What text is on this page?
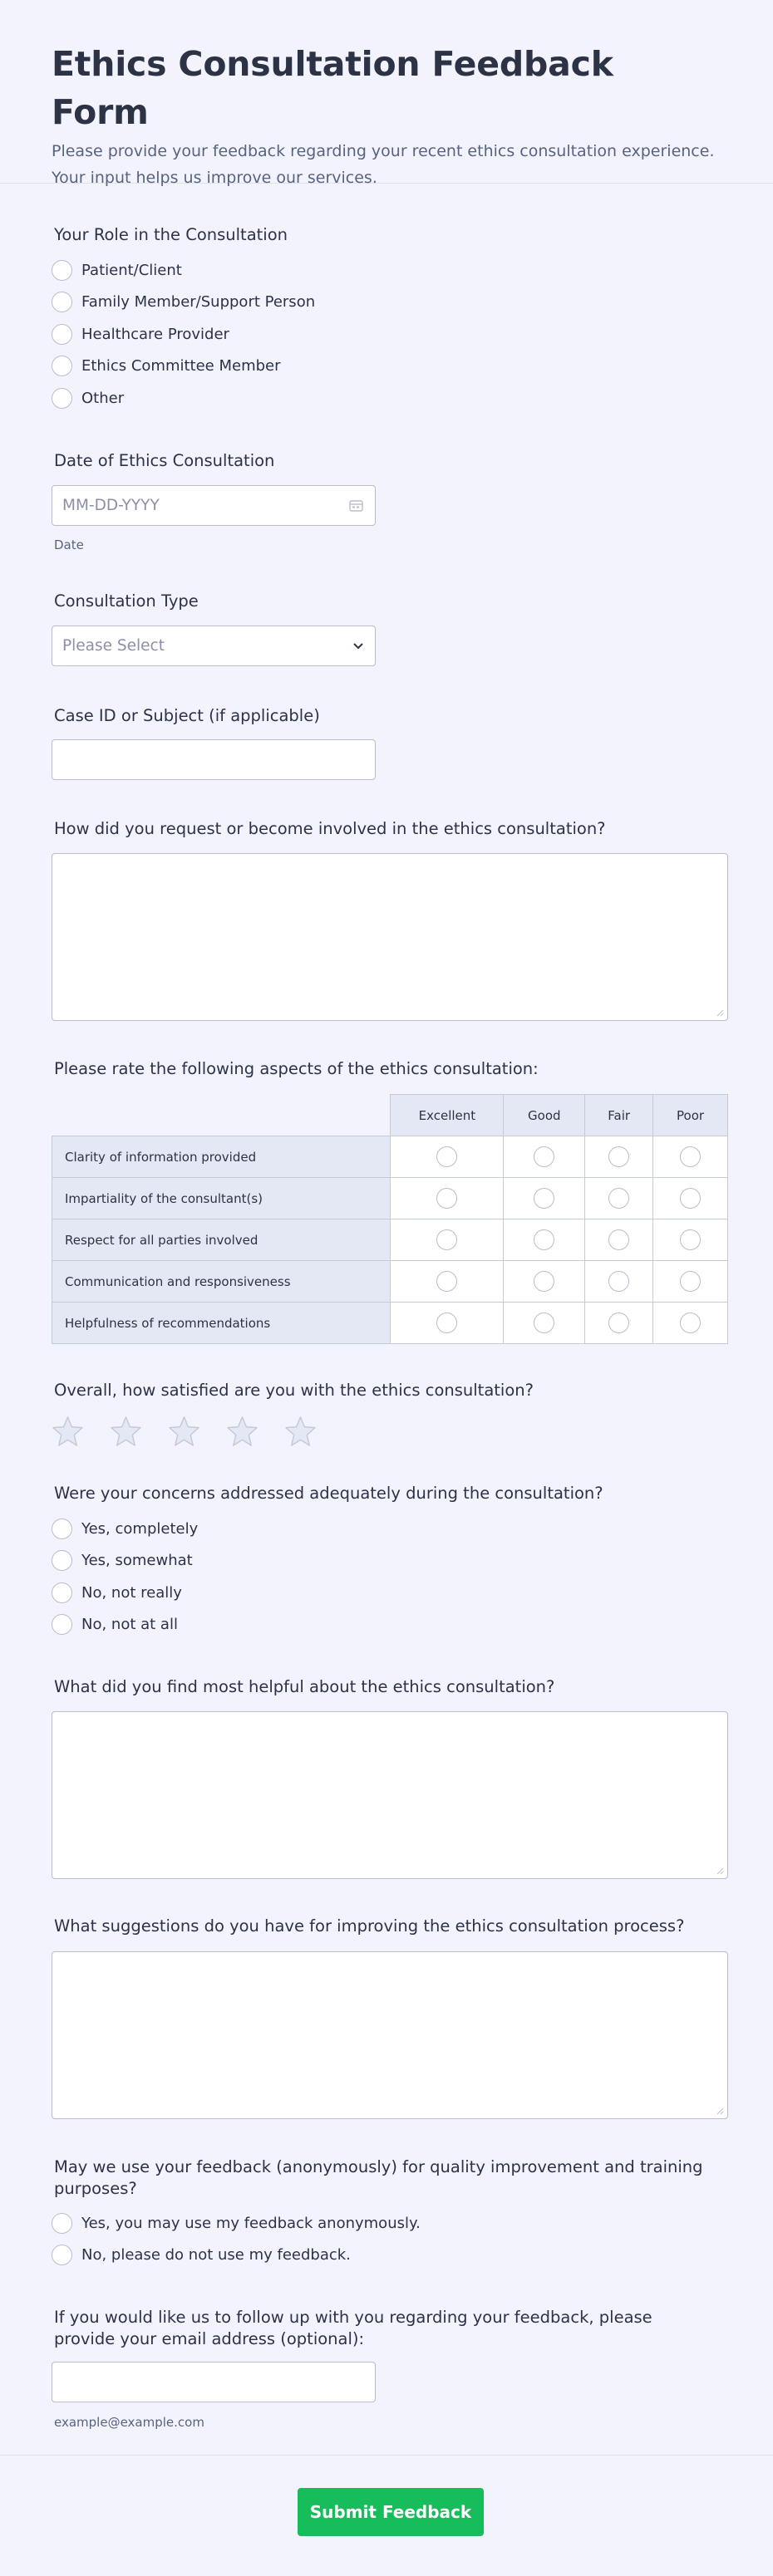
Ethics Consultation Feedback Form

Please provide your feedback regarding your recent ethics consultation experience. Your input helps us improve our services.

Your Role in the Consultation
Patient/Client
Family Member/Support Person
Healthcare Provider
Ethics Committee Member
Other
Date of Ethics Consultation
MM-DD-YYYY
Date
Consultation Type
Please Select
Case ID or Subject (if applicable)
How did you request or become involved in the ethics consultation?
Please rate the following aspects of the ethics consultation:
	Excellent	Good	Fair	Poor
Clarity of information provided				
Impartiality of the consultant(s)				
Respect for all parties involved				
Communication and responsiveness				
Helpfulness of recommendations				
Overall, how satisfied are you with the ethics consultation?
Were your concerns addressed adequately during the consultation?
Yes, completely
Yes, somewhat
No, not really
No, not at all
What did you find most helpful about the ethics consultation?
What suggestions do you have for improving the ethics consultation process?
May we use your feedback (anonymously) for quality improvement and training purposes?
Yes, you may use my feedback anonymously.
No, please do not use my feedback.
If you would like us to follow up with you regarding your feedback, please provide your email address (optional):
example@example.com
Submit Feedback
